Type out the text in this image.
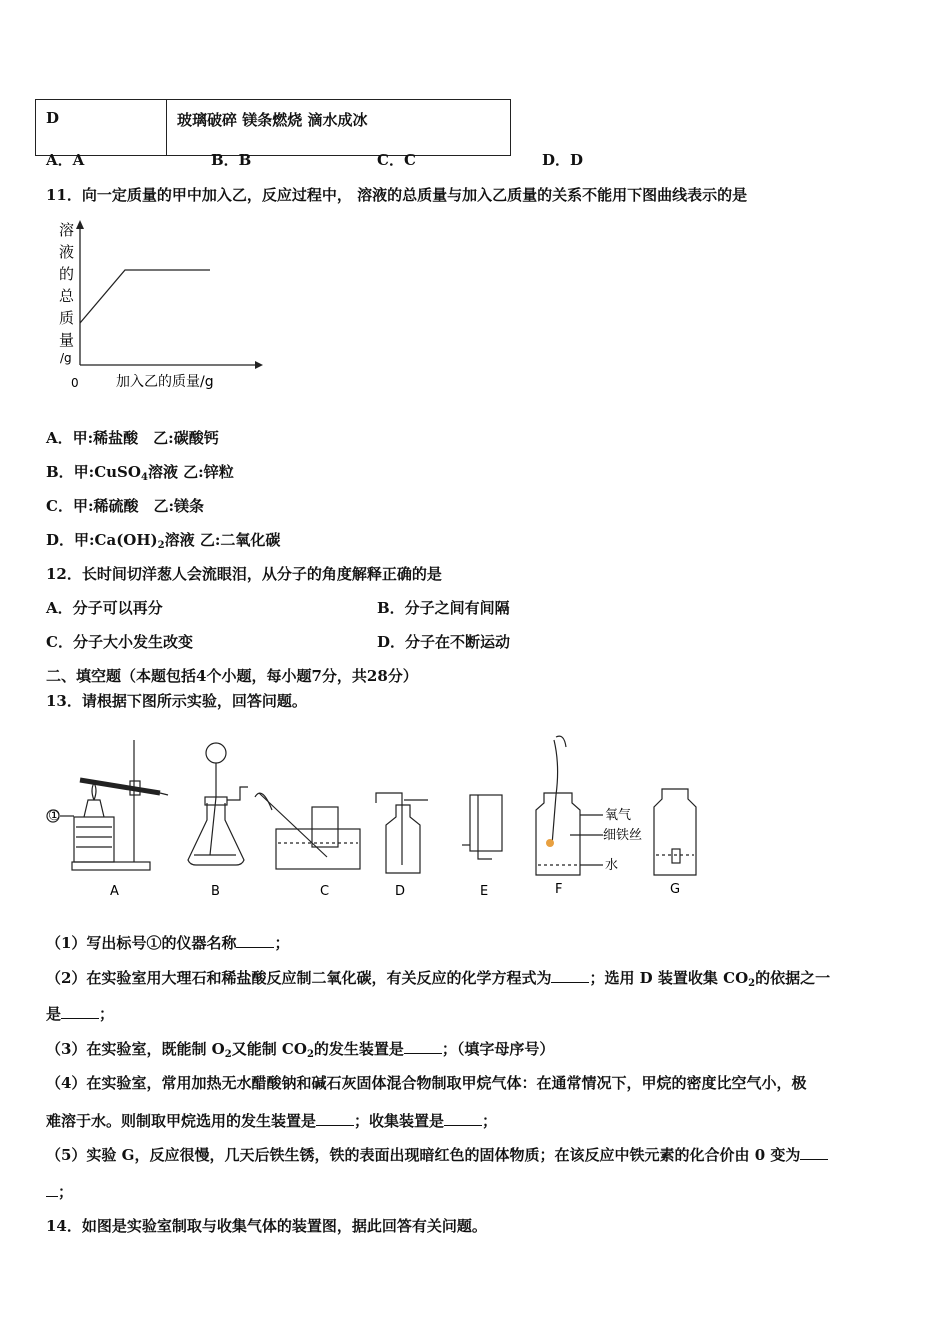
D	玻璃破碎 镁条燃烧 滴水成冰
A．A	B．B	C．C	D．D
11．向一定质量的甲中加入乙，反应过程中， 溶液的总质量与加入乙质量的关系不能用下图曲线表示的是
溶
液
的
总
质
量
/g
0	加入乙的质量/g
A．甲:稀盐酸　乙:碳酸钙
B．甲:CuSO$_4$溶液 乙:锌粒
C．甲:稀硫酸　乙:镁条
D．甲$:Ca(OH)_2$溶液 乙:二氧化碳
12．长时间切洋葱人会流眼泪，从分子的角度解释正确的是
A．分子可以再分	B．分子之间有间隔
C．分子大小发生改变	D．分子在不断运动
二、填空题（本题包括4个小题，每小题7分，共28分）
13．请根据下图所示实验，回答问题。
①	氧气
细铁丝
水
A	B	C	D	E	F	G
（1）写出标号①的仪器名称	；
（2）在实验室用大理石和稀盐酸反应制二氧化碳，有关反应的化学方程式为	；选用 D 装置收集 $CO_2$的依据之一
是	；
（3）在实验室，既能制 $O_2$又能制 $CO_2$的发生装置是	；（填字母序号）
（4）在实验室，常用加热无水醋酸钠和碱石灰固体混合物制取甲烷气体：在通常情况下，甲烷的密度比空气小，极
难溶于水。则制取甲烷选用的发生装置是	；收集装置是	；
（5）实验 G，反应很慢，几天后铁生锈，铁的表面出现暗红色的固体物质；在该反应中铁元素的化合价由 0 变为
；
14．如图是实验室制取与收集气体的装置图，据此回答有关问题。
